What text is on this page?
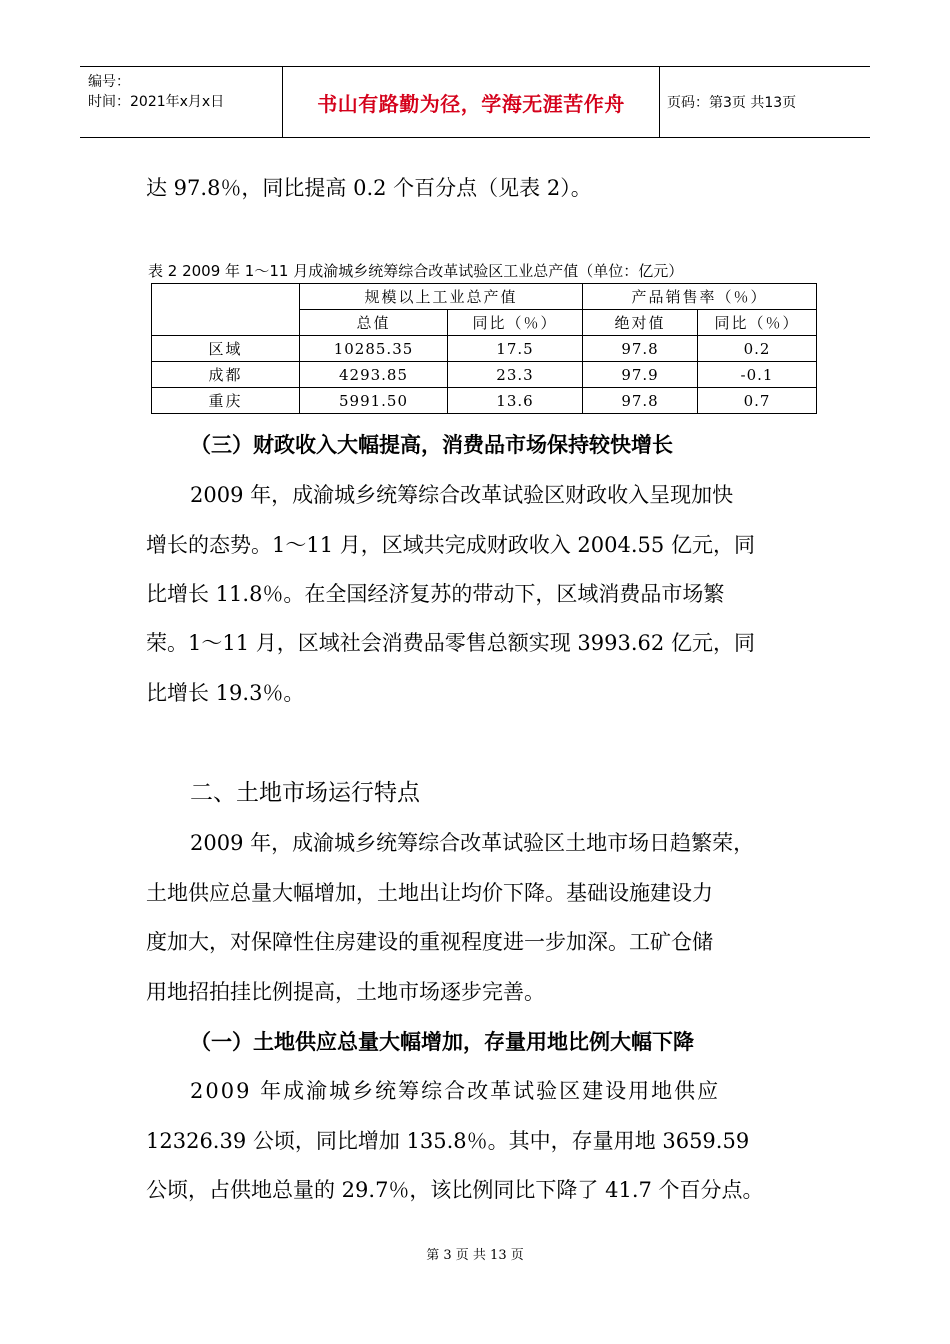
编号：
时间：2021年x月x日	书山有路勤为径，学海无涯苦作舟	页码：第3页 共13页
达 97.8％，同比提高 0.2 个百分点（见表 2）。
表 2 2009 年 1～11 月成渝城乡统筹综合改革试验区工业总产值（单位：亿元）
	规模以上工业总产值		产品销售率（％）	
	总值	同比（％）	绝对值	同比（％）
区域	10285.35	17.5	97.8	0.2
成都	4293.85	23.3	97.9	-0.1
重庆	5991.50	13.6	97.8	0.7
（三）财政收入大幅提高，消费品市场保持较快增长
2009 年，成渝城乡统筹综合改革试验区财政收入呈现加快
增长的态势。1～11 月，区域共完成财政收入 2004.55 亿元，同
比增长 11.8％。在全国经济复苏的带动下，区域消费品市场繁
荣。1～11 月，区域社会消费品零售总额实现 3993.62 亿元，同
比增长 19.3％。
二、土地市场运行特点
2009 年，成渝城乡统筹综合改革试验区土地市场日趋繁荣，
土地供应总量大幅增加，土地出让均价下降。基础设施建设力
度加大，对保障性住房建设的重视程度进一步加深。工矿仓储
用地招拍挂比例提高，土地市场逐步完善。
（一）土地供应总量大幅增加，存量用地比例大幅下降
2009 年成渝城乡统筹综合改革试验区建设用地供应
12326.39 公顷，同比增加 135.8％。其中，存量用地 3659.59
公顷，占供地总量的 29.7％，该比例同比下降了 41.7 个百分点。
第 3 页 共 13 页
